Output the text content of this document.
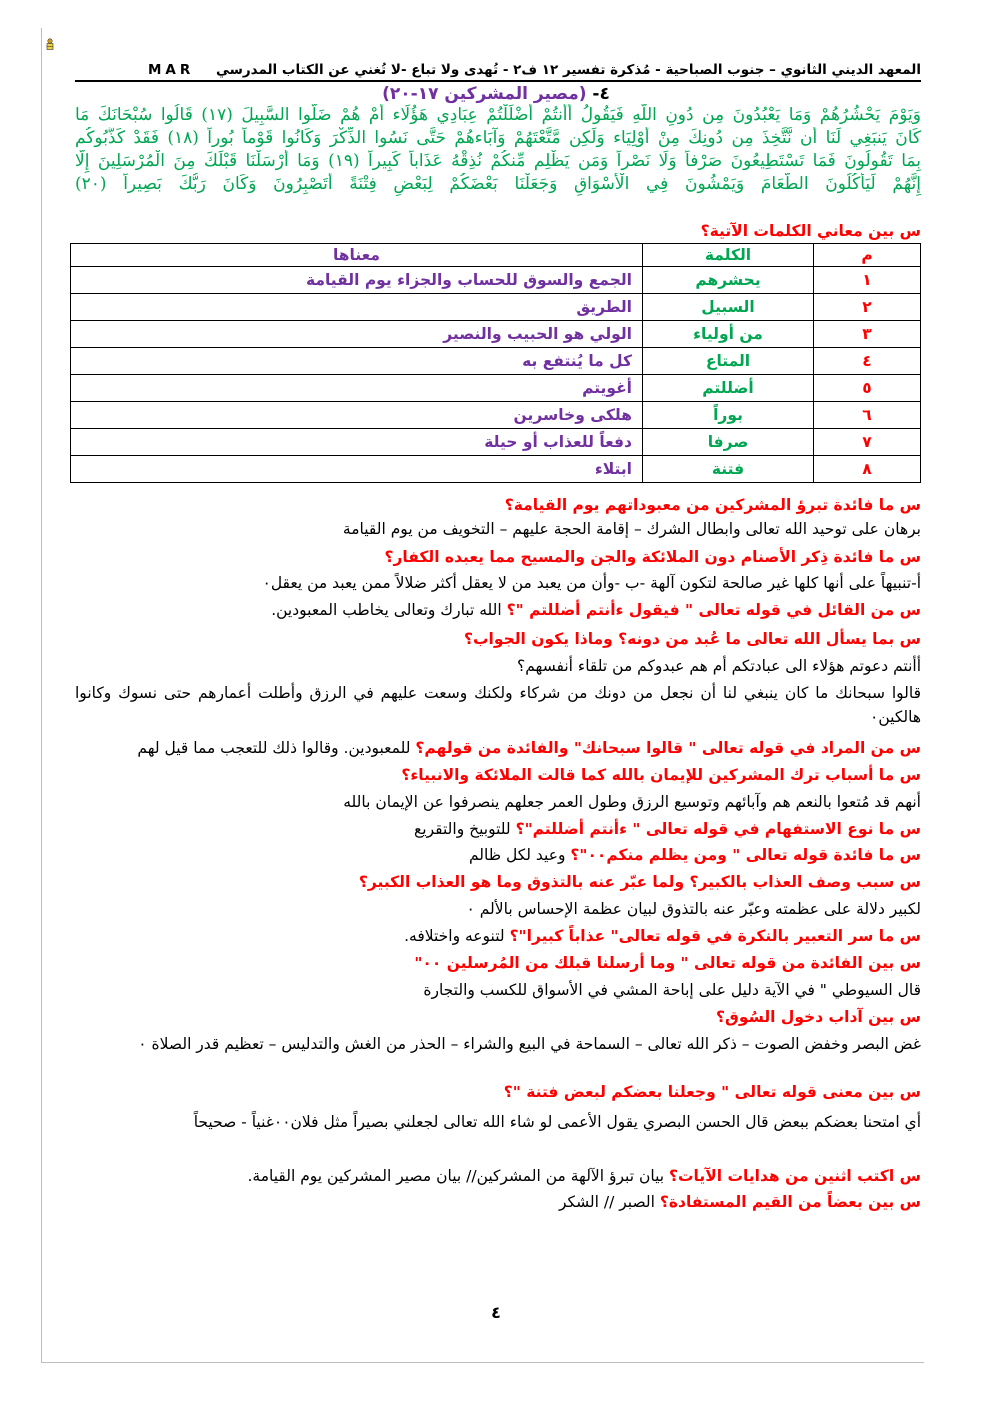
المعهد الديني الثانوي – جنوب الصباحية - مُذكرة تفسير ١٢ ف٢ - تُهدى ولا تباع -لا تُغني عن الكتاب المدرسي
MAR
٤- (مصير المشركين ١٧-٢٠)
وَيَوْمَ يَحْشُرُهُمْ وَمَا يَعْبُدُونَ مِن دُونِ اللَّهِ فَيَقُولُ أَأَنتُمْ أَضْلَلْتُمْ عِبَادِي هَؤُلَاء أَمْ هُمْ ضَلُّوا السَّبِيلَ (١٧) قَالُوا سُبْحَانَكَ مَا
كَانَ يَنبَغِي لَنَا أَن نَّتَّخِذَ مِن دُونِكَ مِنْ أَوْلِيَاء وَلَكِن مَّتَّعْتَهُمْ وَآبَاءهُمْ حَتَّى نَسُوا الذِّكْرَ وَكَانُوا قَوْماً بُوراً (١٨) فَقَدْ كَذَّبُوكُم
بِمَا تَقُولُونَ فَمَا تَسْتَطِيعُونَ صَرْفاً وَلَا نَصْراً وَمَن يَظْلِم مِّنكُمْ نُذِقْهُ عَذَاباً كَبِيراً (١٩) وَمَا أَرْسَلْنَا قَبْلَكَ مِنَ الْمُرْسَلِينَ إِلَّا
إِنَّهُمْ لَيَأْكُلُونَ الطَّعَامَ وَيَمْشُونَ فِي الْأَسْوَاقِ وَجَعَلْنَا بَعْضَكُمْ لِبَعْضٍ فِتْنَةً أَتَصْبِرُونَ وَكَانَ رَبُّكَ بَصِيراً (٢٠)
س بين معاني الكلمات الآتية؟
م	الكلمة	معناها
١	يحشرهم	الجمع والسوق للحساب والجزاء يوم القيامة
٢	السبيل	الطريق
٣	من أولياء	الولي هو الحبيب والنصير
٤	المتاع	كل ما يُنتفع به
٥	أضللتم	أغويتم
٦	بوراً	هلكى وخاسرين
٧	صرفا	دفعاً للعذاب أو حيلة
٨	فتنة	ابتلاء
س ما فائدة تبرؤ المشركين من معبوداتهم يوم القيامة؟
برهان على توحيد الله تعالى وابطال الشرك – إقامة الحجة عليهم – التخويف من يوم القيامة
س ما فائدة ذِكر الأصنام دون الملائكة والجن والمسيح مما يعبده الكفار؟
أ-تنبيهاً على أنها كلها غير صالحة لتكون آلهة -ب -وأن من يعبد من لا يعقل أكثر ضلالاً ممن يعبد من يعقل٠
س من القائل في قوله تعالى " فيقول ءأنتم أضللتم "؟ الله تبارك وتعالى يخاطب المعبودين.
س بما يسأل الله تعالى ما عُبد من دونه؟ وماذا يكون الجواب؟
أأنتم دعوتم هؤلاء الى عبادتكم أم هم عبدوكم من تلقاء أنفسهم؟
قالوا سبحانك ما كان ينبغي لنا أن نجعل من دونك من شركاء ولكنك وسعت عليهم في الرزق وأطلت أعمارهم حتى نسوك وكانوا هالكين٠
س من المراد في قوله تعالى " قالوا سبحانك" والفائدة من قولهم؟ للمعبودين. وقالوا ذلك للتعجب مما قيل لهم
س ما أسباب ترك المشركين للإيمان بالله كما قالت الملائكة والانبياء؟
أنهم قد مُتعوا بالنعم هم وآبائهم وتوسيع الرزق وطول العمر جعلهم ينصرفوا عن الإيمان بالله
س ما نوع الاستفهام في قوله تعالى " ءأنتم أضللتم"؟ للتوبيخ والتقريع
س ما فائدة قوله تعالى " ومن يظلم منكم٠٠"؟ وعيد لكل ظالم
س سبب وصف العذاب بالكبير؟ ولما عبّر عنه بالتذوق وما هو العذاب الكبير؟
لكبير دلالة على عظمته وعبّر عنه بالتذوق لبيان عظمة الإحساس بالألم ٠
س ما سر التعبير بالنكرة في قوله تعالى" عذاباً كبيرا"؟ لتنوعه واختلافه.
س بين الفائدة من قوله تعالى " وما أرسلنا قبلك من المُرسلين ٠٠"
قال السيوطي " في الآية دليل على إباحة المشي في الأسواق للكسب والتجارة
س بين آداب دخول السُوق؟
غض البصر وخفض الصوت – ذكر الله تعالى – السماحة في البيع والشراء – الحذر من الغش والتدليس – تعظيم قدر الصلاة ٠
س بين معنى قوله تعالى " وجعلنا بعضكم لبعض فتنة "؟
أي امتحنا بعضكم ببعض قال الحسن البصري يقول الأعمى لو شاء الله تعالى لجعلني بصيراً مثل فلان٠٠غنياً - صحيحاً
س اكتب اثنين من هدايات الآيات؟ بيان تبرؤ الآلهة من المشركين// بيان مصير المشركين يوم القيامة.
س بين بعضاً من القيم المستفادة؟ الصبر // الشكر
٤
